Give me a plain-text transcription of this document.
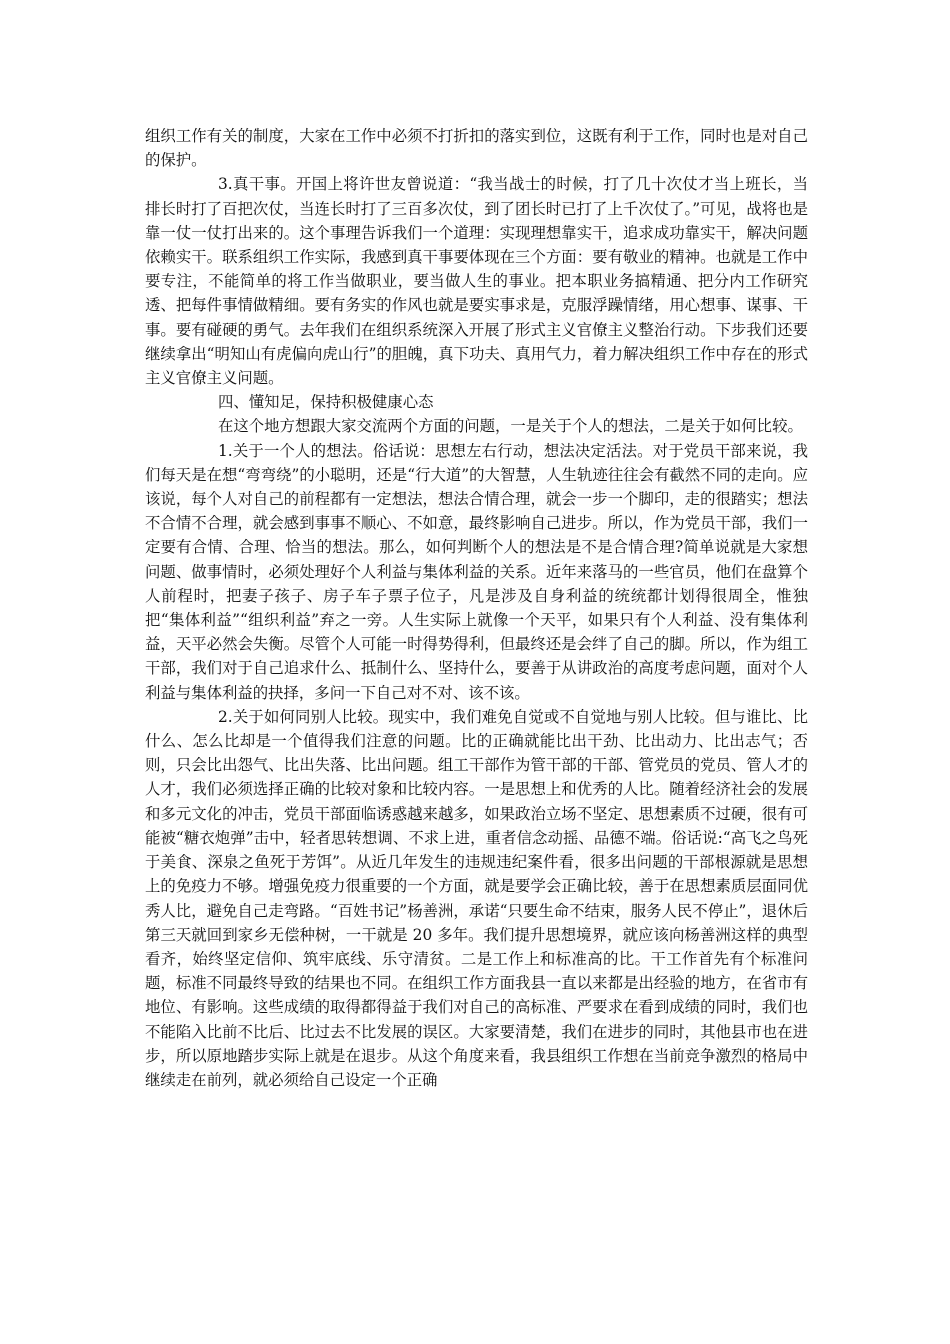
组织工作有关的制度，大家在工作中必须不打折扣的落实到位，这既有利于工作，同时也是对自己的保护。

3.真干事。开国上将许世友曾说道：“我当战士的时候，打了几十次仗才当上班长，当排长时打了百把次仗，当连长时打了三百多次仗，到了团长时已打了上千次仗了。”可见，战将也是靠一仗一仗打出来的。这个事理告诉我们一个道理：实现理想靠实干，追求成功靠实干，解决问题依赖实干。联系组织工作实际，我感到真干事要体现在三个方面：要有敬业的精神。也就是工作中要专注，不能简单的将工作当做职业，要当做人生的事业。把本职业务搞精通、把分内工作研究透、把每件事情做精细。要有务实的作风也就是要实事求是，克服浮躁情绪，用心想事、谋事、干事。要有碰硬的勇气。去年我们在组织系统深入开展了形式主义官僚主义整治行动。下步我们还要继续拿出“明知山有虎偏向虎山行”的胆魄，真下功夫、真用气力，着力解决组织工作中存在的形式主义官僚主义问题。

四、懂知足，保持积极健康心态

在这个地方想跟大家交流两个方面的问题，一是关于个人的想法，二是关于如何比较。

1.关于一个人的想法。俗话说：思想左右行动，想法决定活法。对于党员干部来说，我们每天是在想“弯弯绕”的小聪明，还是“行大道”的大智慧，人生轨迹往往会有截然不同的走向。应该说，每个人对自己的前程都有一定想法，想法合情合理，就会一步一个脚印，走的很踏实；想法不合情不合理，就会感到事事不顺心、不如意，最终影响自己进步。所以，作为党员干部，我们一定要有合情、合理、恰当的想法。那么，如何判断个人的想法是不是合情合理?简单说就是大家想问题、做事情时，必须处理好个人利益与集体利益的关系。近年来落马的一些官员，他们在盘算个人前程时，把妻子孩子、房子车子票子位子，凡是涉及自身利益的统统都计划得很周全，惟独把“集体利益”“组织利益”弃之一旁。人生实际上就像一个天平，如果只有个人利益、没有集体利益，天平必然会失衡。尽管个人可能一时得势得利，但最终还是会绊了自己的脚。所以，作为组工干部，我们对于自己追求什么、抵制什么、坚持什么，要善于从讲政治的高度考虑问题，面对个人利益与集体利益的抉择，多问一下自己对不对、该不该。

2.关于如何同别人比较。现实中，我们难免自觉或不自觉地与别人比较。但与谁比、比什么、怎么比却是一个值得我们注意的问题。比的正确就能比出干劲、比出动力、比出志气；否则，只会比出怨气、比出失落、比出问题。组工干部作为管干部的干部、管党员的党员、管人才的人才，我们必须选择正确的比较对象和比较内容。一是思想上和优秀的人比。随着经济社会的发展和多元文化的冲击，党员干部面临诱惑越来越多，如果政治立场不坚定、思想素质不过硬，很有可能被“糖衣炮弹”击中，轻者思转想调、不求上进，重者信念动摇、品德不端。俗话说:“高飞之鸟死于美食、深泉之鱼死于芳饵”。从近几年发生的违规违纪案件看，很多出问题的干部根源就是思想上的免疫力不够。增强免疫力很重要的一个方面，就是要学会正确比较，善于在思想素质层面同优秀人比，避免自己走弯路。“百姓书记”杨善洲，承诺“只要生命不结束，服务人民不停止”，退休后第三天就回到家乡无偿种树，一干就是 20 多年。我们提升思想境界，就应该向杨善洲这样的典型看齐，始终坚定信仰、筑牢底线、乐守清贫。二是工作上和标准高的比。干工作首先有个标准问题，标准不同最终导致的结果也不同。在组织工作方面我县一直以来都是出经验的地方，在省市有地位、有影响。这些成绩的取得都得益于我们对自己的高标准、严要求在看到成绩的同时，我们也不能陷入比前不比后、比过去不比发展的误区。大家要清楚，我们在进步的同时，其他县市也在进步，所以原地踏步实际上就是在退步。从这个角度来看，我县组织工作想在当前竞争激烈的格局中继续走在前列，就必须给自己设定一个正确
